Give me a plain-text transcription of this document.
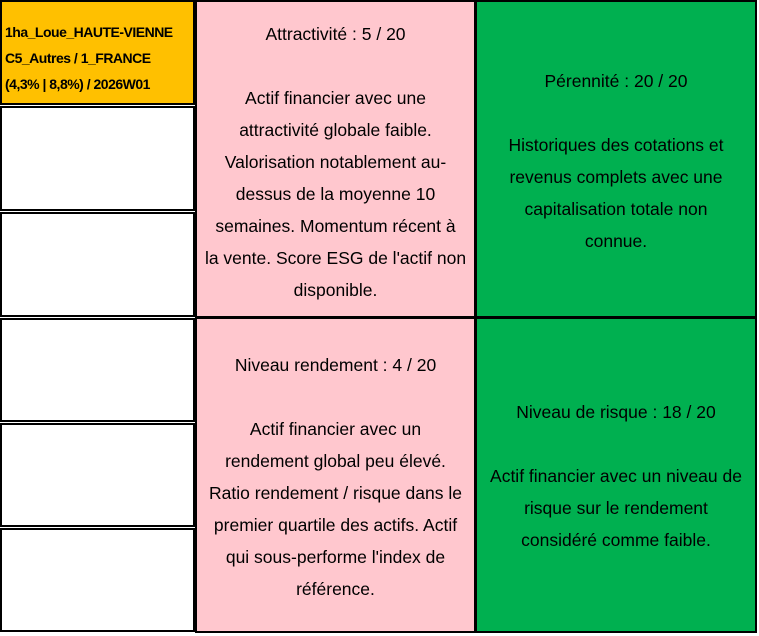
1ha_Loue_HAUTE-VIENNE
C5_Autres / 1_FRANCE
(4,3% | 8,8%) / 2026W01
Attractivité : 5 / 20

Actif financier avec une
attractivité globale faible.
Valorisation notablement au-
dessus de la moyenne 10
semaines. Momentum récent à
la vente. Score ESG de l'actif non
disponible.
Pérennité : 20 / 20

Historiques des cotations et
revenus complets avec une
capitalisation totale non
connue.
Niveau rendement : 4 / 20

Actif financier avec un
rendement global peu élevé.
Ratio rendement / risque dans le
premier quartile des actifs. Actif
qui sous-performe l'index de
référence.
Niveau de risque : 18 / 20

Actif financier avec un niveau de
risque sur le rendement
considéré comme faible.
